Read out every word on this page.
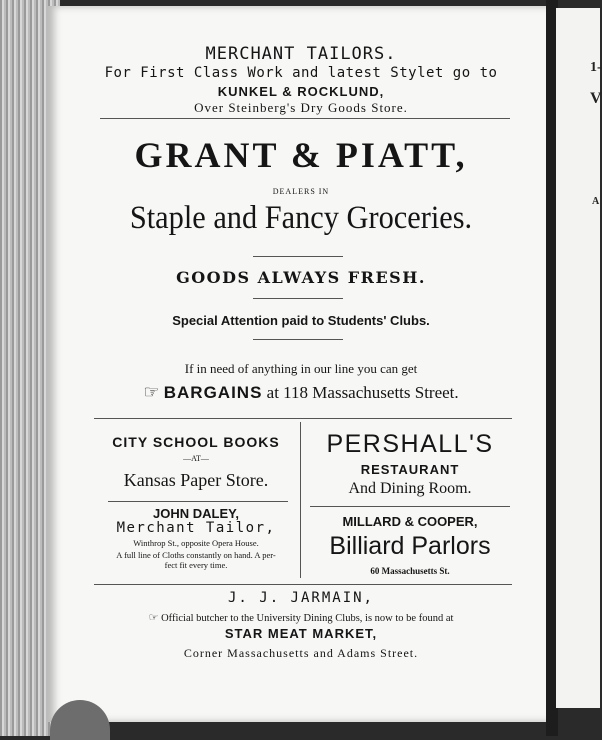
MERCHANT TAILORS.
For First Class Work and latest Stylet go to
KUNKEL & ROCKLUND,
Over Steinberg's Dry Goods Store.
GRANT & PIATT,
DEALERS IN
Staple and Fancy Groceries.
GOODS ALWAYS FRESH.
Special Attention paid to Students' Clubs.
If in need of anything in our line you can get
☞ BARGAINS at 118 Massachusetts Street.
CITY SCHOOL BOOKS
—AT—
Kansas Paper Store.
JOHN DALEY,
Merchant Tailor,
Winthrop St., opposite Opera House.
A full line of Cloths constantly on hand. A per-
fect fit every time.
PERSHALL'S
RESTAURANT
And Dining Room.
MILLARD & COOPER,
Billiard Parlors
60 Massachusetts St.
J. J. JARMAIN,
☞ Official butcher to the University Dining Clubs, is now to be found at
STAR MEAT MARKET,
Corner Massachusetts and Adams Street.
1-
V
A
